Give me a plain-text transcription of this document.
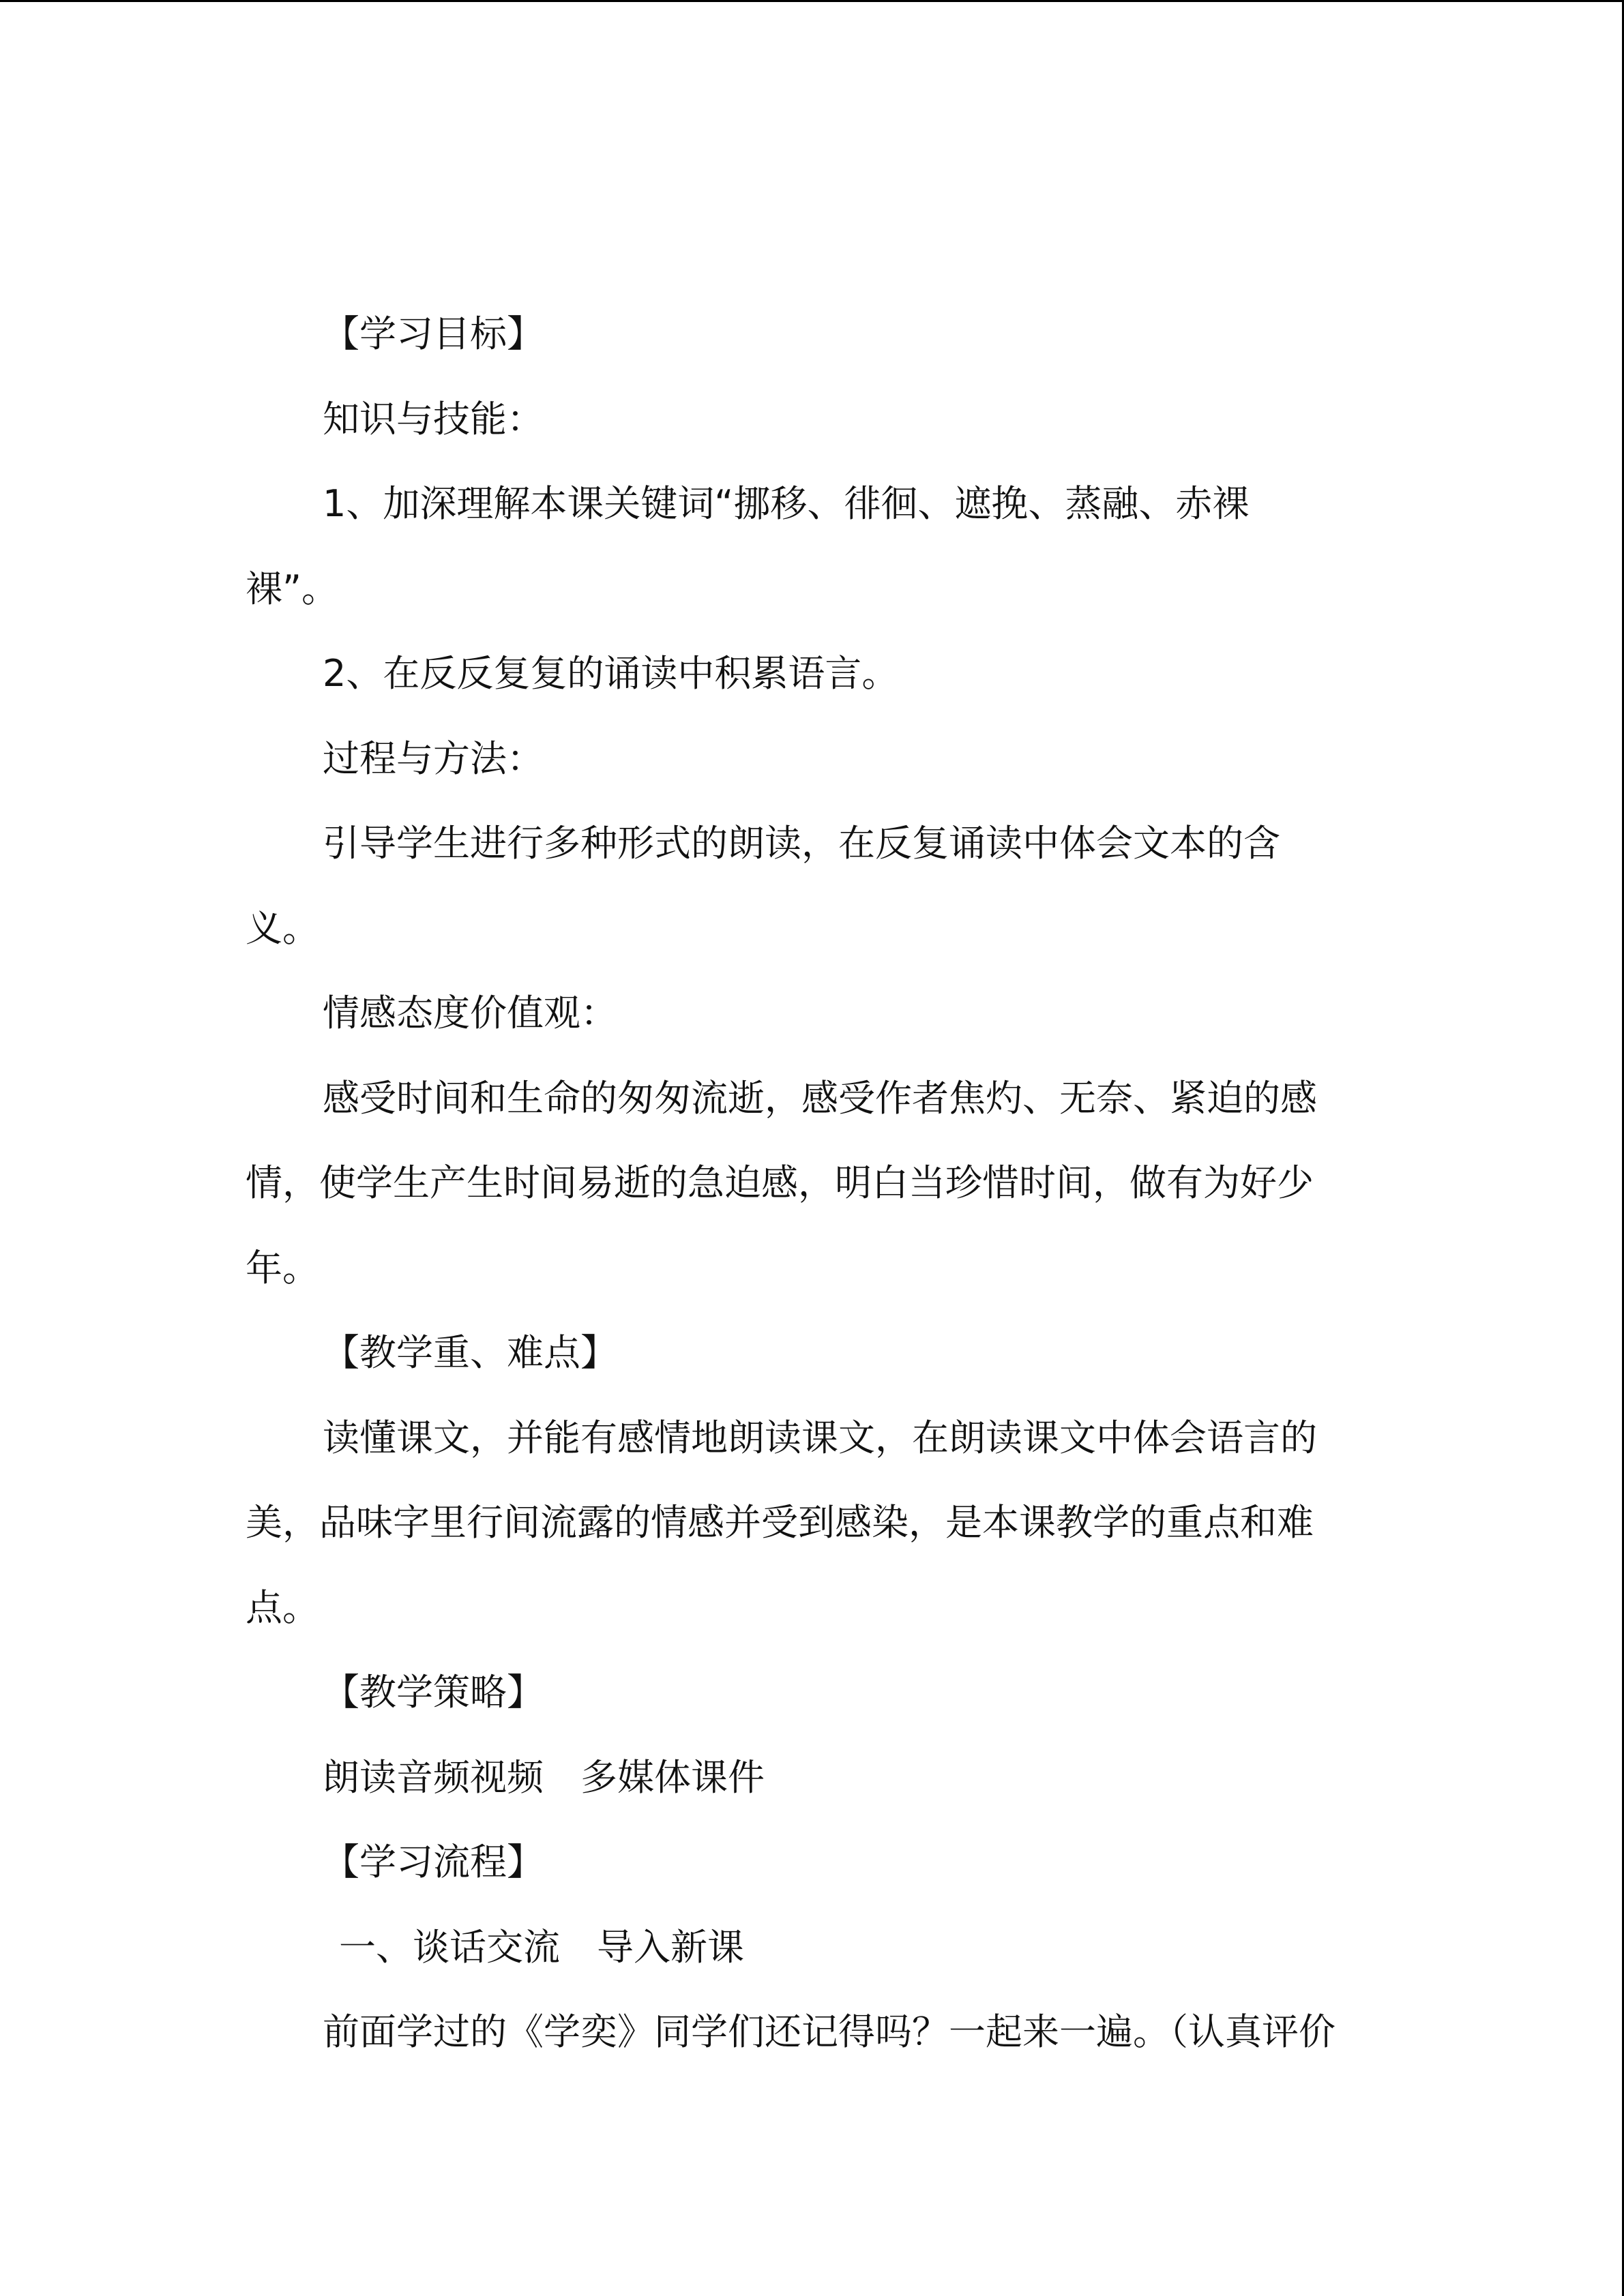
【学习目标】
知识与技能：
1、加深理解本课关键词“挪移、徘徊、遮挽、蒸融、赤裸
裸”。
2、在反反复复的诵读中积累语言。
过程与方法：
引导学生进行多种形式的朗读，在反复诵读中体会文本的含
义。
情感态度价值观：
感受时间和生命的匆匆流逝，感受作者焦灼、无奈、紧迫的感
情，使学生产生时间易逝的急迫感，明白当珍惜时间，做有为好少
年。
【教学重、难点】
读懂课文，并能有感情地朗读课文，在朗读课文中体会语言的
美，品味字里行间流露的情感并受到感染，是本课教学的重点和难
点。
【教学策略】
朗读音频视频　多媒体课件
【学习流程】
一、谈话交流　导入新课
前面学过的《学奕》同学们还记得吗？一起来一遍。（认真评价
